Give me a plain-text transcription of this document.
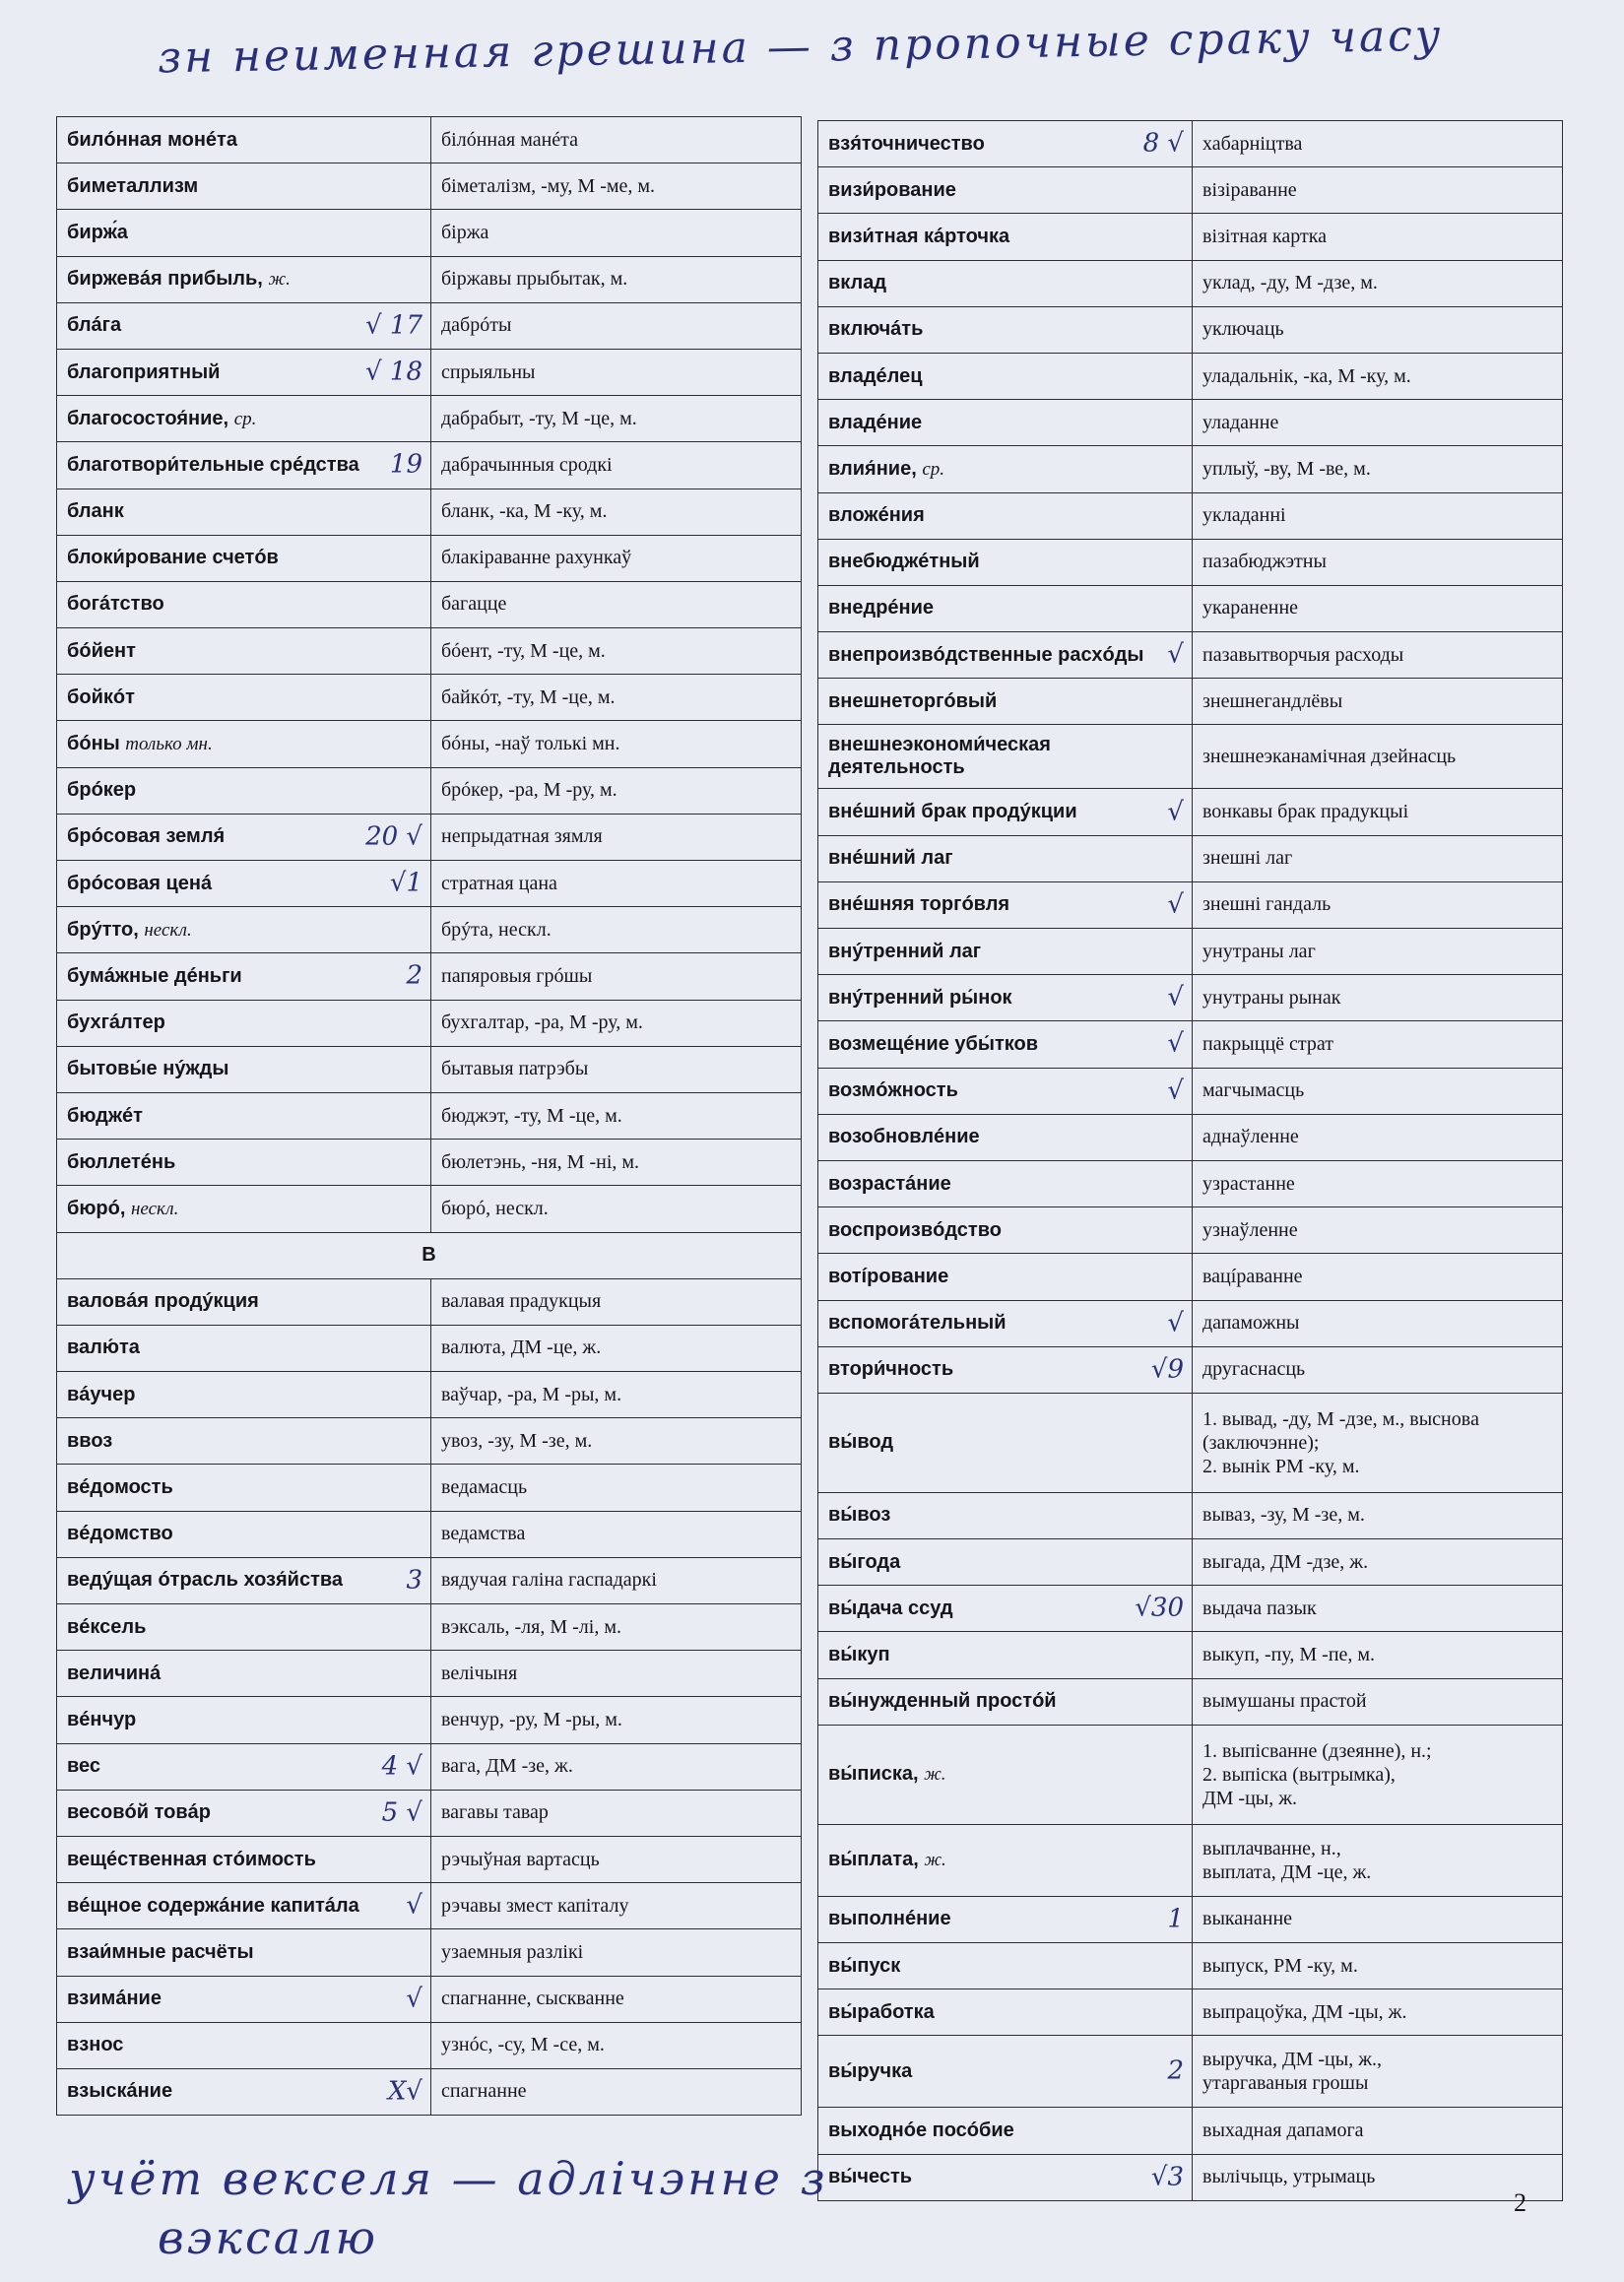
зн неименная грешина — з пропочные сраку часу
билóнная монéта	білóнная манéта
биметаллизм	біметалізм, -му, М -ме, м.
бирж́а	біржа
биржевáя прибыль, ж.	біржавы прыбытак, м.
блáга √ 17	дабрóты
благоприятный √ 18	спрыяльны
благосостоя́ние, ср.	дабрабыт, -ту, М -це, м.
благотвори́тельные срéдства 19	дабрачынныя сродкі
бланк	бланк, -ка, М -ку, м.
блоки́рование счетóв	блакіраванне рахункаў
богáтство	багацце
бóйент	бóент, -ту, М -це, м.
бойкóт	байкóт, -ту, М -це, м.
бóны только мн.	бóны, -наў толькі мн.
брóкер	брóкер, -ра, М -ру, м.
брóсовая земля́ 20 √	непрыдатная зямля
брóсовая ценá √1	стратная цана
брýтто, нескл.	брýта, нескл.
бумáжные дéньги 2	папяровыя грóшы
бухгáлтер	бухгалтар, -ра, М -ру, м.
бытовы́е нýжды	бытавыя патрэбы
бюджéт	бюджэт, -ту, М -це, м.
бюллетéнь	бюлетэнь, -ня, М -ні, м.
бюрó, нескл.	бюрó, нескл.
В	
валовáя продýкция	валавая прадукцыя
валю́та	валюта, ДМ -це, ж.
вáучер	ваўчар, -ра, М -ры, м.
ввоз	увоз, -зу, М -зе, м.
вéдомость	ведамасць
вéдомство	ведамства
ведýщая óтрасль хозя́йства 3	вядучая галіна гаспадаркі
вéксель	вэксаль, -ля, М -лі, м.
величинá	велічыня
вéнчур	венчур, -ру, М -ры, м.
вес 4 √	вага, ДМ -зе, ж.
весовóй товáр 5 √	вагавы тавар
вещéственная стóимость	рэчыўная вартасць
вéщное содержáние капитáла √	рэчавы змест капіталу
взаи́мные расчёты	узаемныя разлікі
взимáние √	спагнанне, сыскванне
взнос	узнóс, -су, М -се, м.
взыскáние X√	спагнанне
взя́точничество 8 √	хабарніцтва
визи́рование	візіраванне
визи́тная кáрточка	візітная картка
вклад	уклад, -ду, М -дзе, м.
включáть	уключаць
владéлец	уладальнік, -ка, М -ку, м.
владéние	уладанне
влия́ние, ср.	уплыў, -ву, М -ве, м.
вложéния	укладанні
внебюджéтный	пазабюджэтны
внедрéние	укараненне
внепроизвóдственные расхóды √	пазавытворчыя расходы
внешнеторгóвый	знешнегандлёвы
внешнеэкономи́ческая деятельность	знешнеэканамічная дзейнасць
внéшний брак продýкции √	вонкавы брак прадукцыі
внéшний лаг	знешні лаг
внéшняя торгóвля √	знешні гандаль
внýтренний лаг	унутраны лаг
внýтренний ры́нок √	унутраны рынак
возмещéние убы́тков √	пакрыццё страт
возмóжность √	магчымасць
возобновлéние	аднаўленне
возрастáние	узрастанне
воспроизвóдство	узнаўленне
вотíрование	вацíраванне
вспомогáтельный √	дапаможны
втори́чность √9	другаснасць
вы́вод	1. вывад, -ду, М -дзе, м., высновa (заключэнне);
2. вынік РМ -ку, м.
вы́воз	вываз, -зу, М -зе, м.
вы́года	выгада, ДМ -дзе, ж.
вы́дача ссуд √30	выдача пазык
вы́куп	выкуп, -пу, М -пе, м.
вы́нужденный простóй	вымушаны прастой
вы́писка, ж.	1. выпісванне (дзеянне), н.;
2. выпіска (вытрымка),
ДМ -цы, ж.
вы́плата, ж.	выплачванне, н.,
выплата, ДМ -це, ж.
выполнéние 1	выкананне
вы́пуск	выпуск, РМ -ку, м.
вы́работка	выпрацоўка, ДМ -цы, ж.
вы́ручка 2	выручка, ДМ -цы, ж.,
утаргаваныя грошы
выходнóе посóбие	выхадная дапамога
вы́честь √3	вылічыць, утрымаць
учёт векселя — адлічэнне з
вэксалю
2
